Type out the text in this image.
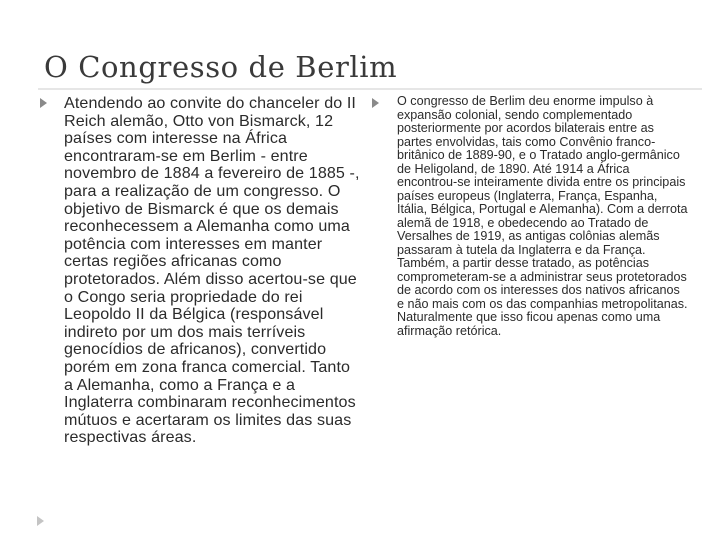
O Congresso de Berlim
Atendendo ao convite do chanceler do II Reich alemão, Otto von Bismarck, 12 países com interesse na África encontraram-se em Berlim - entre novembro de 1884 a fevereiro de 1885 -, para a realização de um congresso. O objetivo de Bismarck é que os demais reconhecessem a Alemanha como uma potência com interesses em manter certas regiões africanas como protetorados. Além disso acertou-se que o Congo seria propriedade do rei Leopoldo II da Bélgica (responsável indireto por um dos mais terríveis genocídios de africanos), convertido porém em zona franca comercial. Tanto a Alemanha, como a França e a Inglaterra combinaram reconhecimentos mútuos e acertaram os limites das suas respectivas áreas.
O congresso de Berlim deu enorme impulso à expansão colonial, sendo complementado posteriormente por acordos bilaterais entre as partes envolvidas, tais como Convênio franco-britânico de 1889-90, e o Tratado anglo-germânico de Heligoland, de 1890. Até 1914 a África encontrou-se inteiramente divida entre os principais países europeus (Inglaterra, França, Espanha, Itália, Bélgica, Portugal e Alemanha). Com a derrota alemã de 1918, e obedecendo ao Tratado de Versalhes de 1919, as antigas colônias alemãs passaram à tutela da Inglaterra e da França. Também, a partir desse tratado, as potências comprometeram-se a administrar seus protetorados de acordo com os interesses dos nativos africanos e não mais com os das companhias metropolitanas. Naturalmente que isso ficou apenas como uma afirmação retórica.
